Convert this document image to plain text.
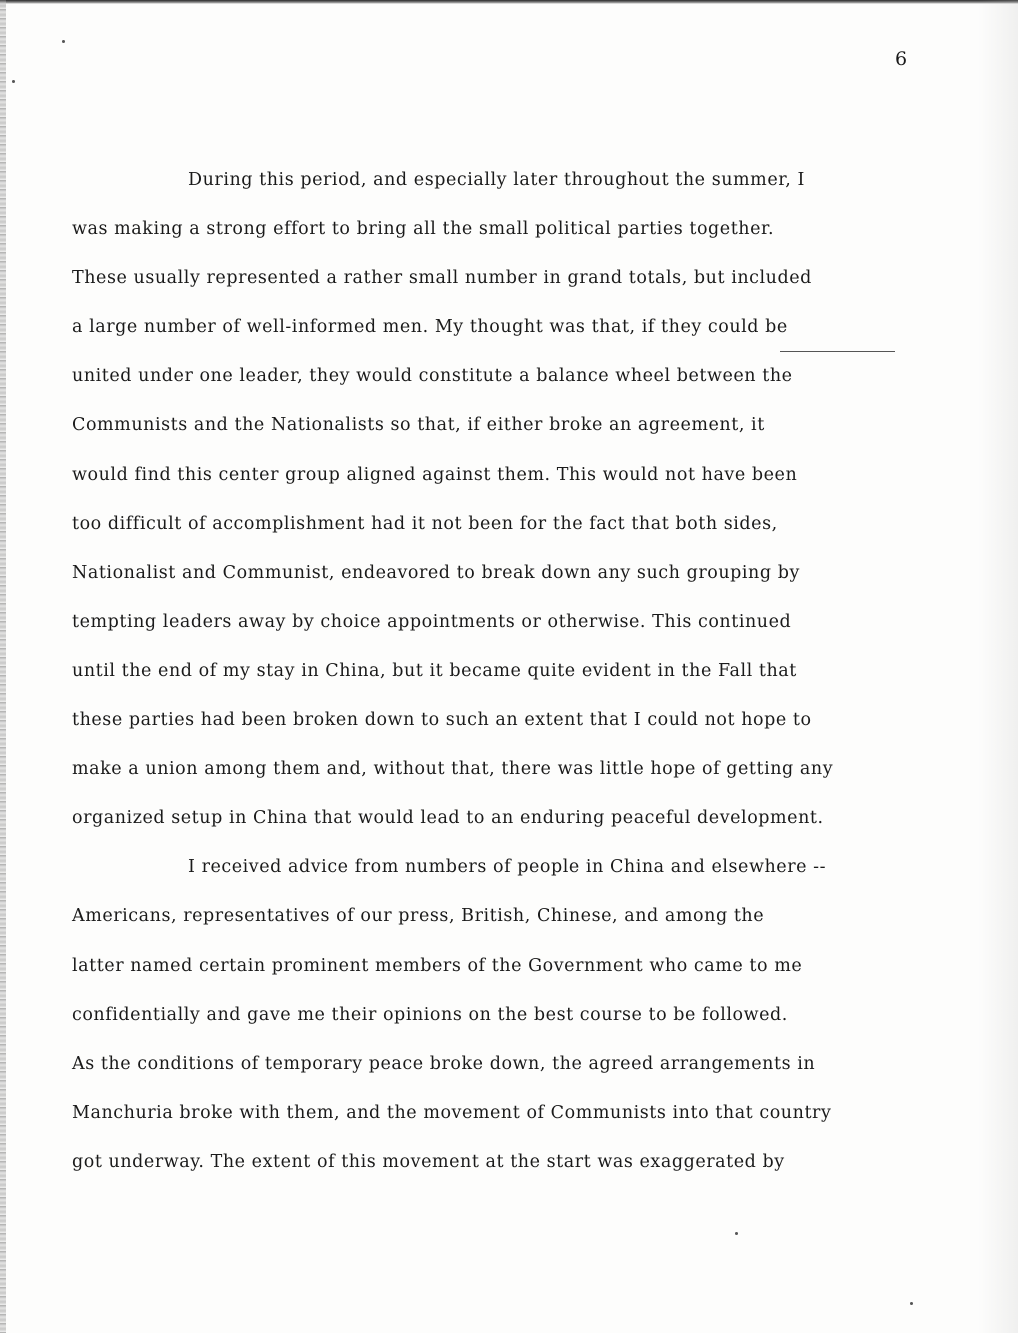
6

During this period, and especially later throughout the summer, I
was making a strong effort to bring all the small political parties together.
These usually represented a rather small number in grand totals, but included
a large number of well-informed men. My thought was that, if they could be
united under one leader, they would constitute a balance wheel between the
Communists and the Nationalists so that, if either broke an agreement, it
would find this center group aligned against them. This would not have been
too difficult of accomplishment had it not been for the fact that both sides,
Nationalist and Communist, endeavored to break down any such grouping by
tempting leaders away by choice appointments or otherwise. This continued
until the end of my stay in China, but it became quite evident in the Fall that
these parties had been broken down to such an extent that I could not hope to
make a union among them and, without that, there was little hope of getting any
organized setup in China that would lead to an enduring peaceful development.
I received advice from numbers of people in China and elsewhere --
Americans, representatives of our press, British, Chinese, and among the
latter named certain prominent members of the Government who came to me
confidentially and gave me their opinions on the best course to be followed.
As the conditions of temporary peace broke down, the agreed arrangements in
Manchuria broke with them, and the movement of Communists into that country
got underway. The extent of this movement at the start was exaggerated by
